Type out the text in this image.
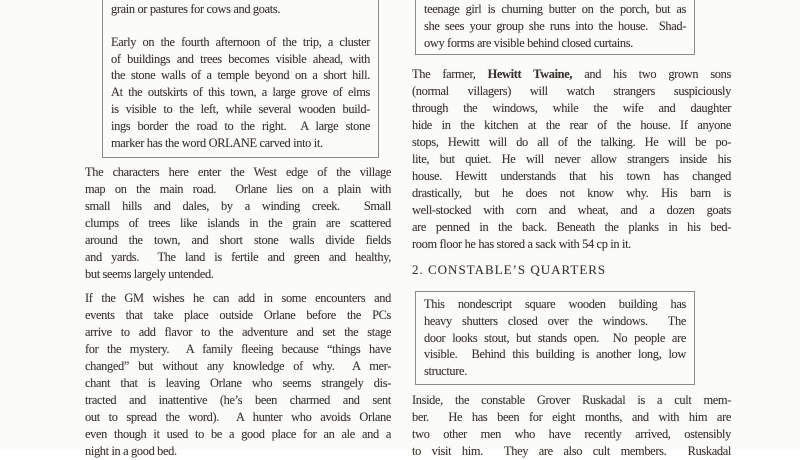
grain or pastures for cows and goats.
Early on the fourth afternoon of the trip, a cluster
of buildings and trees becomes visible ahead, with
the stone walls of a temple beyond on a short hill.
At the outskirts of this town, a large grove of elms
is visible to the left, while several wooden build-
ings border the road to the right.  A large stone
marker has the word ORLANE carved into it.
The characters here enter the West edge of the village
map on the main road.  Orlane lies on a plain with
small hills and dales, by a winding creek.  Small
clumps of trees like islands in the grain are scattered
around the town, and short stone walls divide fields
and yards.  The land is fertile and green and healthy,
but seems largely untended.
If the GM wishes he can add in some encounters and
events that take place outside Orlane before the PCs
arrive to add flavor to the adventure and set the stage
for the mystery.  A family fleeing because “things have
changed” but without any knowledge of why.  A mer-
chant that is leaving Orlane who seems strangely dis-
tracted and inattentive (he’s been charmed and sent
out to spread the word).  A hunter who avoids Orlane
even though it used to be a good place for an ale and a
night in a good bed.
teenage girl is churning butter on the porch, but as
she sees your group she runs into the house.  Shad-
owy forms are visible behind closed curtains.
The farmer, Hewitt Twaine, and his two grown sons
(normal villagers) will watch strangers suspiciously
through the windows, while the wife and daughter
hide in the kitchen at the rear of the house. If anyone
stops, Hewitt will do all of the talking. He will be po-
lite, but quiet. He will never allow strangers inside his
house. Hewitt understands that his town has changed
drastically, but he does not know why. His barn is
well-stocked with corn and wheat, and a dozen goats
are penned in the back. Beneath the planks in his bed-
room floor he has stored a sack with 54 cp in it.
2. CONSTABLE’S QUARTERS
This nondescript square wooden building has
heavy shutters closed over the windows.  The
door looks stout, but stands open.  No people are
visible.  Behind this building is another long, low
structure.
Inside, the constable Grover Ruskadal is a cult mem-
ber.  He has been for eight months, and with him are
two other men who have recently arrived, ostensibly
to visit him.  They are also cult members.  Ruskadal
